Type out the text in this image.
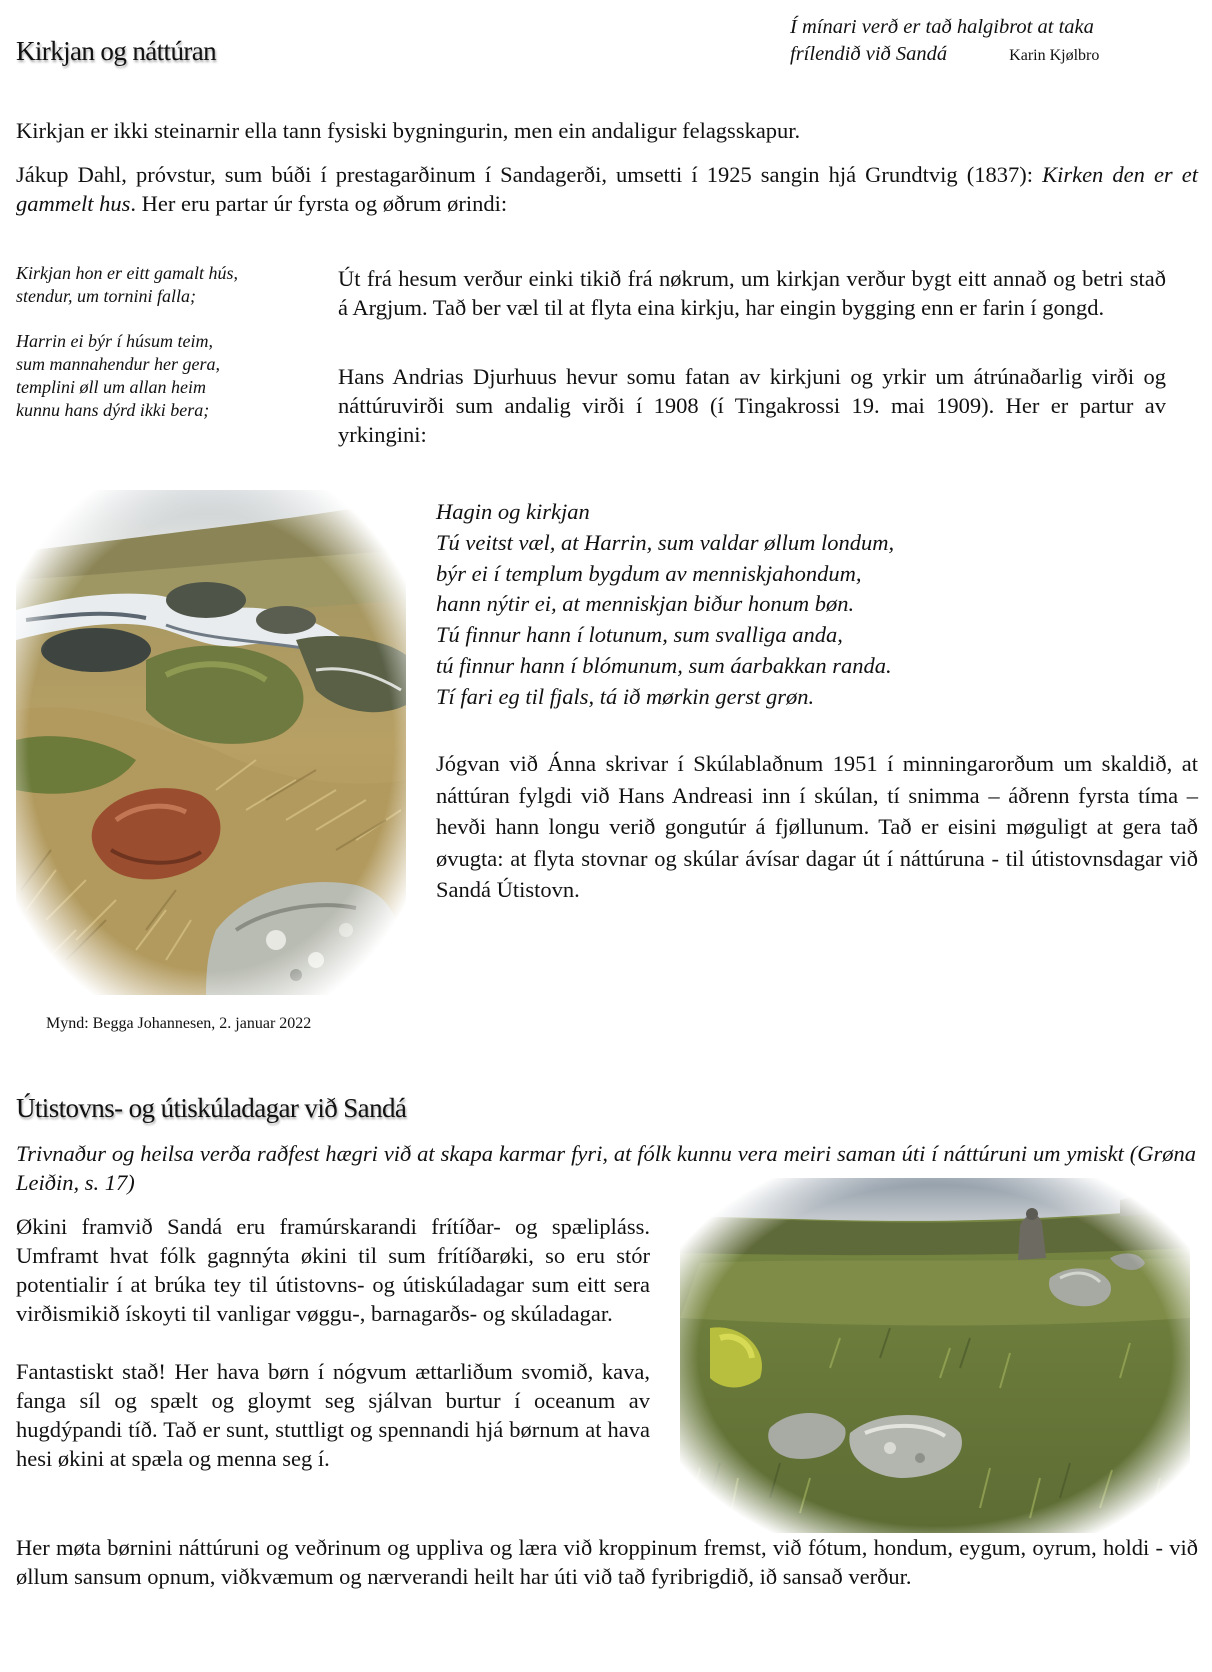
Kirkjan og náttúran
Í mínari verð er tað halgibrot at taka
frílendið við Sandá	Karin Kjølbro
Kirkjan er ikki steinarnir ella tann fysiski bygningurin, men ein andaligur felagsskapur.
Jákup Dahl, próvstur, sum búði í prestagarðinum í Sandagerði, umsetti í 1925 sangin hjá Grundtvig (1837): Kirken den er et gammelt hus. Her eru partar úr fyrsta og øðrum ørindi:
Kirkjan hon er eitt gamalt hús,
stendur, um tornini falla;
Harrin ei býr í húsum teim,
sum mannahendur her gera,
templini øll um allan heim
kunnu hans dýrd ikki bera;
Út frá hesum verður einki tikið frá nøkrum, um kirkjan verður bygt eitt annað og betri stað á Argjum. Tað ber væl til at flyta eina kirkju, har eingin bygging enn er farin í gongd.
Hans Andrias Djurhuus hevur somu fatan av kirkjuni og yrkir um átrúnaðarlig virði og náttúruvirði sum andalig virði í 1908 (í Tingakrossi 19. mai 1909). Her er partur av yrkingini:
Mynd: Begga Johannesen, 2. januar 2022
Hagin og kirkjan
Tú veitst væl, at Harrin, sum valdar øllum londum,
býr ei í templum bygdum av menniskjahondum,
hann nýtir ei, at menniskjan biður honum bøn.
Tú finnur hann í lotunum, sum svalliga anda,
tú finnur hann í blómunum, sum áarbakkan randa.
Tí fari eg til fjals, tá ið mørkin gerst grøn.
Jógvan við Ánna skrivar í Skúlablaðnum 1951 í minningarorðum um skaldið, at náttúran fylgdi við Hans Andreasi inn í skúlan, tí snimma – áðrenn fyrsta tíma – hevði hann longu verið gongutúr á fjøllunum. Tað er eisini møguligt at gera tað øvugta: at flyta stovnar og skúlar ávísar dagar út í náttúruna - til útistovnsdagar við Sandá Útistovn.
Útistovns- og útiskúladagar við Sandá
Trivnaður og heilsa verða raðfest hægri við at skapa karmar fyri, at fólk kunnu vera meiri saman úti í náttúruni um ymiskt (Grøna Leiðin, s. 17)
Økini framvið Sandá eru framúrskarandi frítíðar- og spælipláss. Umframt hvat fólk gagnnýta økini til sum frítíðarøki, so eru stór potentialir í at brúka tey til útistovns- og útiskúladagar sum eitt sera virðismikið ískoyti til vanligar vøggu-, barnagarðs- og skúladagar.
Fantastiskt stað! Her hava børn í nógvum ættarliðum svomið, kava, fanga síl og spælt og gloymt seg sjálvan burtur í oceanum av hugdýpandi tíð. Tað er sunt, stuttligt og spennandi hjá børnum at hava hesi økini at spæla og menna seg í.
Her møta børnini náttúruni og veðrinum og uppliva og læra við kroppinum fremst, við fótum, hondum, eygum, oyrum, holdi - við øllum sansum opnum, viðkvæmum og nærverandi heilt har úti við tað fyribrigdið, ið sansað verður.
